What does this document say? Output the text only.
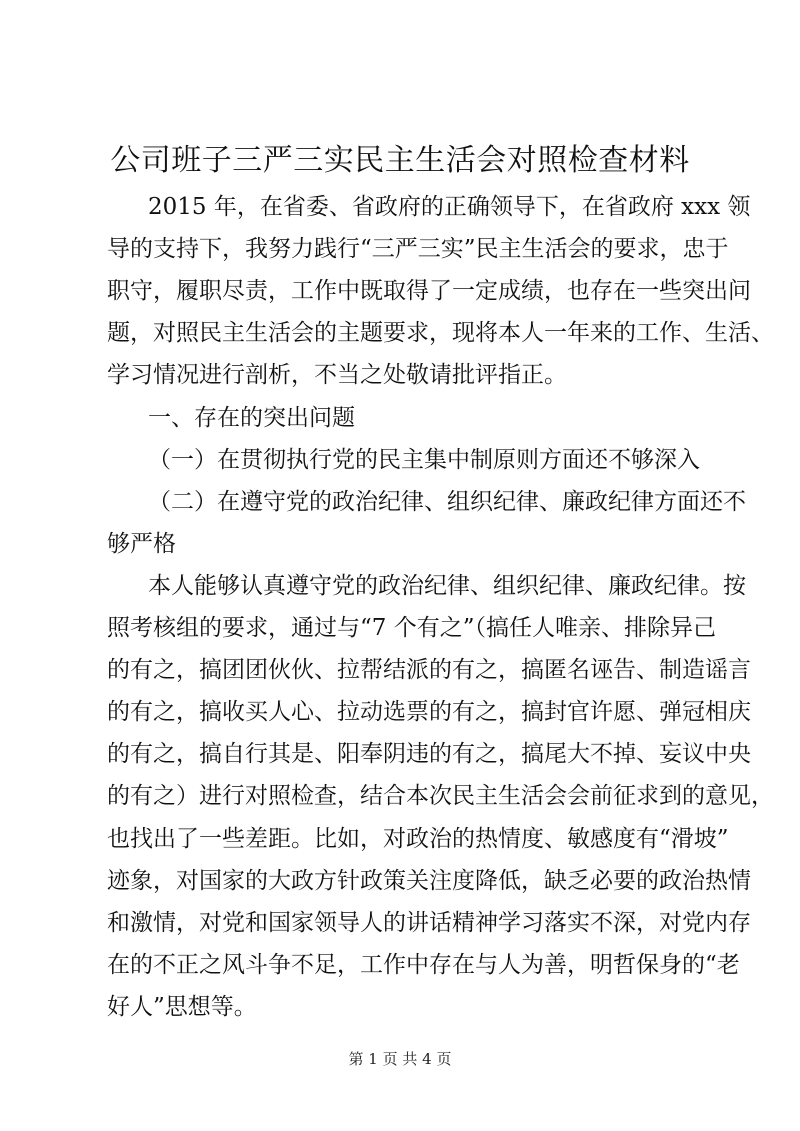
公司班子三严三实民主生活会对照检查材料
2015 年，在省委、省政府的正确领导下，在省政府 xxx 领
导的支持下，我努力践行“三严三实”民主生活会的要求，忠于
职守，履职尽责，工作中既取得了一定成绩，也存在一些突出问
题，对照民主生活会的主题要求，现将本人一年来的工作、生活、
学习情况进行剖析，不当之处敬请批评指正。
一、存在的突出问题
（一）在贯彻执行党的民主集中制原则方面还不够深入
（二）在遵守党的政治纪律、组织纪律、廉政纪律方面还不
够严格
本人能够认真遵守党的政治纪律、组织纪律、廉政纪律。按
照考核组的要求，通过与“7 个有之”（搞任人唯亲、排除异己
的有之，搞团团伙伙、拉帮结派的有之，搞匿名诬告、制造谣言
的有之，搞收买人心、拉动选票的有之，搞封官许愿、弹冠相庆
的有之，搞自行其是、阳奉阴违的有之，搞尾大不掉、妄议中央
的有之）进行对照检查，结合本次民主生活会会前征求到的意见，
也找出了一些差距。比如，对政治的热情度、敏感度有“滑坡”
迹象，对国家的大政方针政策关注度降低，缺乏必要的政治热情
和激情，对党和国家领导人的讲话精神学习落实不深，对党内存
在的不正之风斗争不足，工作中存在与人为善，明哲保身的“老
好人”思想等。
第 1 页 共 4 页
